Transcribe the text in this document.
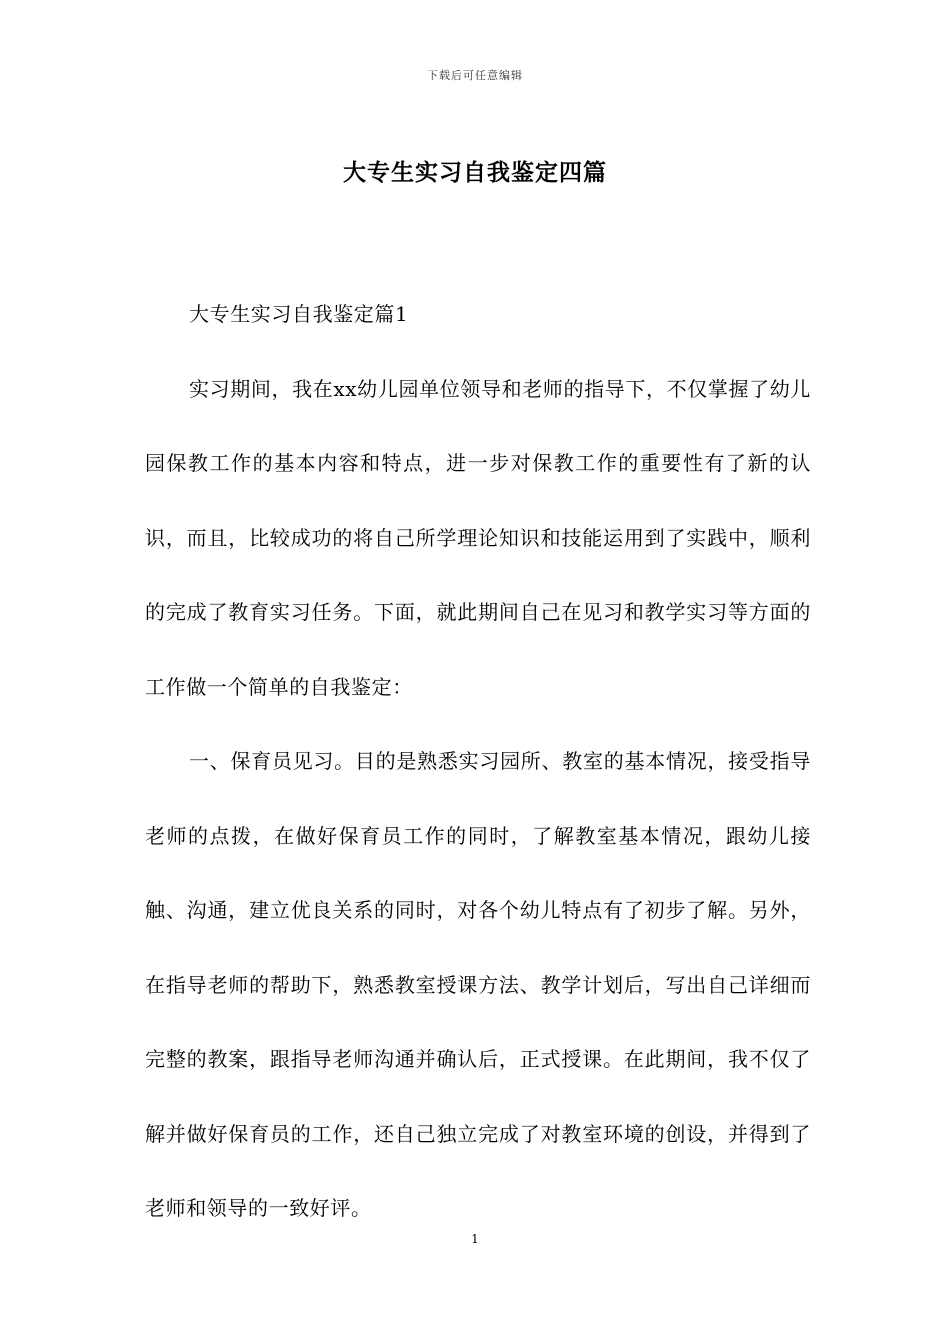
下载后可任意编辑
大专生实习自我鉴定四篇

大专生实习自我鉴定篇1

实习期间，我在xx幼儿园单位领导和老师的指导下，不仅掌握了幼儿园保教工作的基本内容和特点，进一步对保教工作的重要性有了新的认识，而且，比较成功的将自己所学理论知识和技能运用到了实践中，顺利的完成了教育实习任务。下面，就此期间自己在见习和教学实习等方面的工作做一个简单的自我鉴定：

一、保育员见习。目的是熟悉实习园所、教室的基本情况，接受指导老师的点拨，在做好保育员工作的同时，了解教室基本情况，跟幼儿接触、沟通，建立优良关系的同时，对各个幼儿特点有了初步了解。另外，在指导老师的帮助下，熟悉教室授课方法、教学计划后，写出自己详细而完整的教案，跟指导老师沟通并确认后，正式授课。在此期间，我不仅了解并做好保育员的工作，还自己独立完成了对教室环境的创设，并得到了老师和领导的一致好评。

1
